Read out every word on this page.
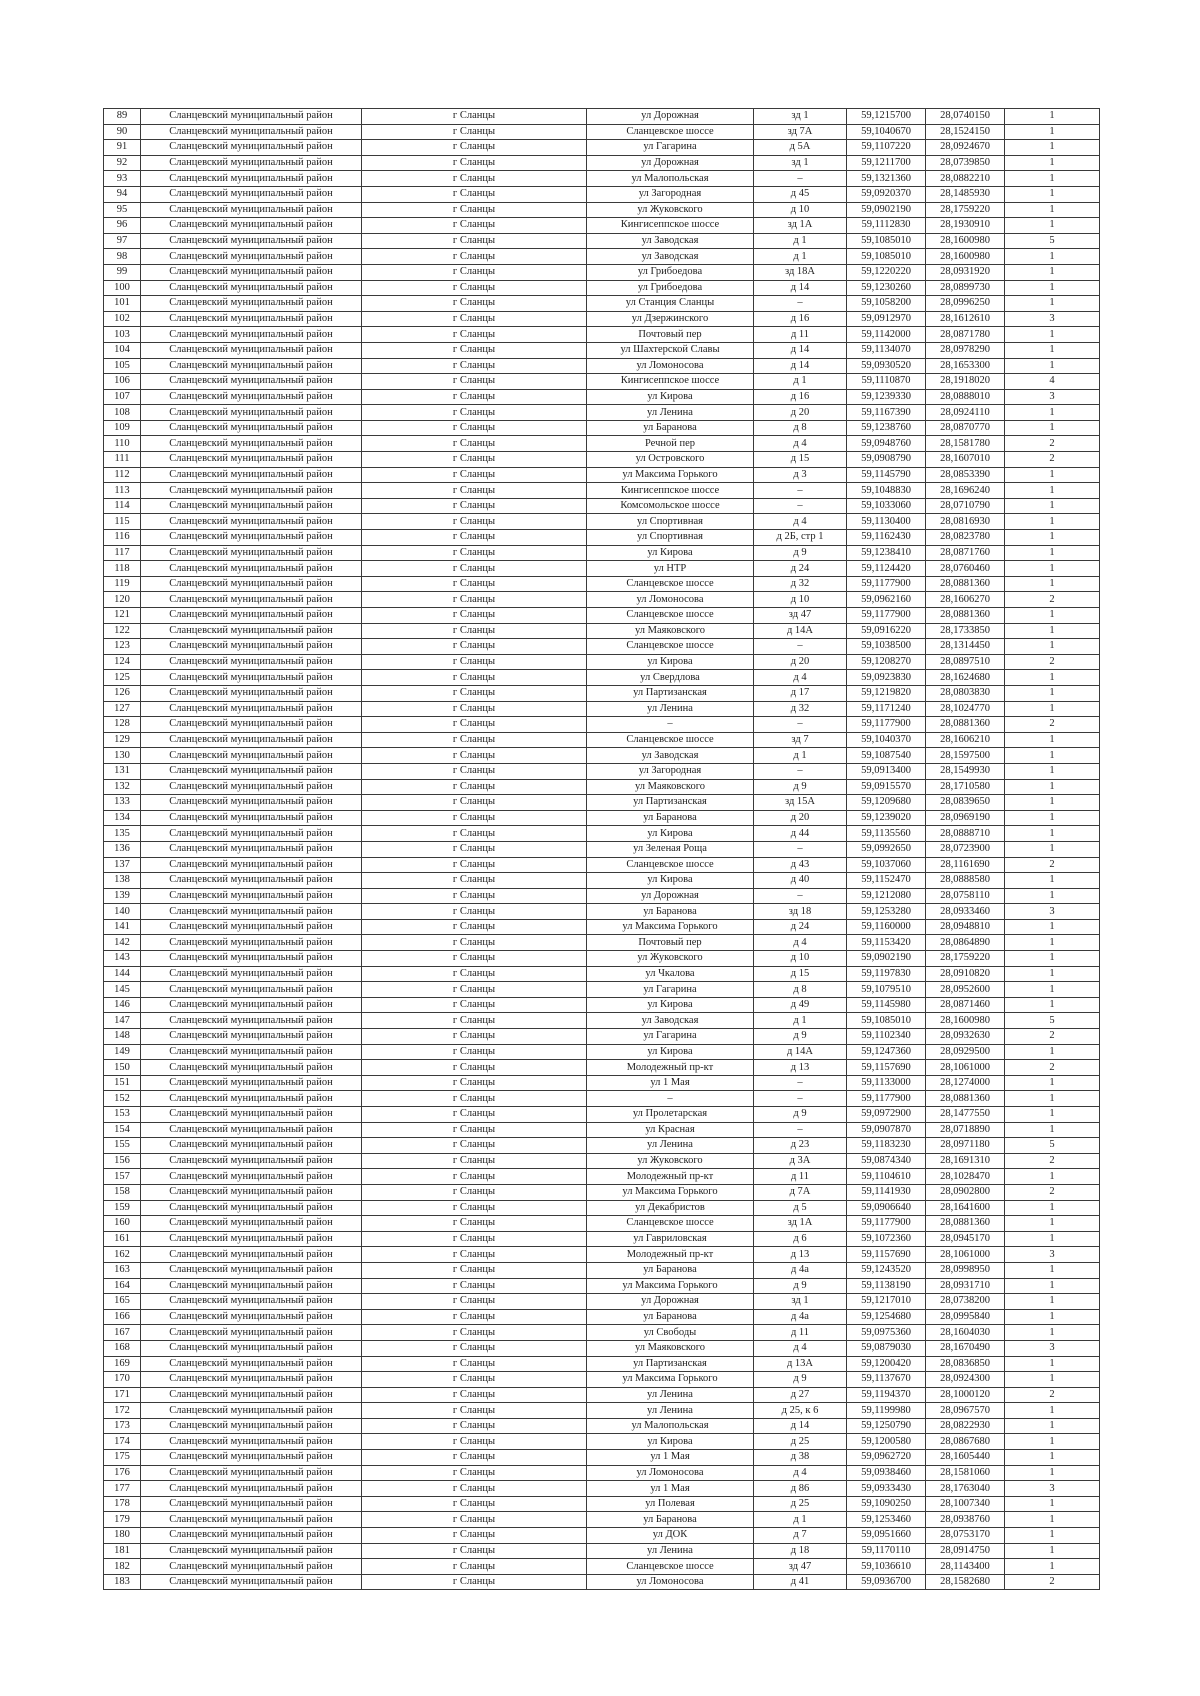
89	Сланцевский муниципальный район	г Сланцы	ул Дорожная	зд 1	59,1215700	28,0740150	1
90	Сланцевский муниципальный район	г Сланцы	Сланцевское шоссе	зд 7А	59,1040670	28,1524150	1
91	Сланцевский муниципальный район	г Сланцы	ул Гагарина	д 5А	59,1107220	28,0924670	1
92	Сланцевский муниципальный район	г Сланцы	ул Дорожная	зд 1	59,1211700	28,0739850	1
93	Сланцевский муниципальный район	г Сланцы	ул Малопольская	–	59,1321360	28,0882210	1
94	Сланцевский муниципальный район	г Сланцы	ул Загородная	д 45	59,0920370	28,1485930	1
95	Сланцевский муниципальный район	г Сланцы	ул Жуковского	д 10	59,0902190	28,1759220	1
96	Сланцевский муниципальный район	г Сланцы	Кингисеппское шоссе	зд 1А	59,1112830	28,1930910	1
97	Сланцевский муниципальный район	г Сланцы	ул Заводская	д 1	59,1085010	28,1600980	5
98	Сланцевский муниципальный район	г Сланцы	ул Заводская	д 1	59,1085010	28,1600980	1
99	Сланцевский муниципальный район	г Сланцы	ул Грибоедова	зд 18А	59,1220220	28,0931920	1
100	Сланцевский муниципальный район	г Сланцы	ул Грибоедова	д 14	59,1230260	28,0899730	1
101	Сланцевский муниципальный район	г Сланцы	ул Станция Сланцы	–	59,1058200	28,0996250	1
102	Сланцевский муниципальный район	г Сланцы	ул Дзержинского	д 16	59,0912970	28,1612610	3
103	Сланцевский муниципальный район	г Сланцы	Почтовый пер	д 11	59,1142000	28,0871780	1
104	Сланцевский муниципальный район	г Сланцы	ул Шахтерской Славы	д 14	59,1134070	28,0978290	1
105	Сланцевский муниципальный район	г Сланцы	ул Ломоносова	д 14	59,0930520	28,1653300	1
106	Сланцевский муниципальный район	г Сланцы	Кингисеппское шоссе	д 1	59,1110870	28,1918020	4
107	Сланцевский муниципальный район	г Сланцы	ул Кирова	д 16	59,1239330	28,0888010	3
108	Сланцевский муниципальный район	г Сланцы	ул Ленина	д 20	59,1167390	28,0924110	1
109	Сланцевский муниципальный район	г Сланцы	ул Баранова	д 8	59,1238760	28,0870770	1
110	Сланцевский муниципальный район	г Сланцы	Речной пер	д 4	59,0948760	28,1581780	2
111	Сланцевский муниципальный район	г Сланцы	ул Островского	д 15	59,0908790	28,1607010	2
112	Сланцевский муниципальный район	г Сланцы	ул Максима Горького	д 3	59,1145790	28,0853390	1
113	Сланцевский муниципальный район	г Сланцы	Кингисеппское шоссе	–	59,1048830	28,1696240	1
114	Сланцевский муниципальный район	г Сланцы	Комсомольское шоссе	–	59,1033060	28,0710790	1
115	Сланцевский муниципальный район	г Сланцы	ул Спортивная	д 4	59,1130400	28,0816930	1
116	Сланцевский муниципальный район	г Сланцы	ул Спортивная	д 2Б, стр 1	59,1162430	28,0823780	1
117	Сланцевский муниципальный район	г Сланцы	ул Кирова	д 9	59,1238410	28,0871760	1
118	Сланцевский муниципальный район	г Сланцы	ул НТР	д 24	59,1124420	28,0760460	1
119	Сланцевский муниципальный район	г Сланцы	Сланцевское шоссе	д 32	59,1177900	28,0881360	1
120	Сланцевский муниципальный район	г Сланцы	ул Ломоносова	д 10	59,0962160	28,1606270	2
121	Сланцевский муниципальный район	г Сланцы	Сланцевское шоссе	зд 47	59,1177900	28,0881360	1
122	Сланцевский муниципальный район	г Сланцы	ул Маяковского	д 14А	59,0916220	28,1733850	1
123	Сланцевский муниципальный район	г Сланцы	Сланцевское шоссе	–	59,1038500	28,1314450	1
124	Сланцевский муниципальный район	г Сланцы	ул Кирова	д 20	59,1208270	28,0897510	2
125	Сланцевский муниципальный район	г Сланцы	ул Свердлова	д 4	59,0923830	28,1624680	1
126	Сланцевский муниципальный район	г Сланцы	ул Партизанская	д 17	59,1219820	28,0803830	1
127	Сланцевский муниципальный район	г Сланцы	ул Ленина	д 32	59,1171240	28,1024770	1
128	Сланцевский муниципальный район	г Сланцы	–	–	59,1177900	28,0881360	2
129	Сланцевский муниципальный район	г Сланцы	Сланцевское шоссе	зд 7	59,1040370	28,1606210	1
130	Сланцевский муниципальный район	г Сланцы	ул Заводская	д 1	59,1087540	28,1597500	1
131	Сланцевский муниципальный район	г Сланцы	ул Загородная	–	59,0913400	28,1549930	1
132	Сланцевский муниципальный район	г Сланцы	ул Маяковского	д 9	59,0915570	28,1710580	1
133	Сланцевский муниципальный район	г Сланцы	ул Партизанская	зд 15А	59,1209680	28,0839650	1
134	Сланцевский муниципальный район	г Сланцы	ул Баранова	д 20	59,1239020	28,0969190	1
135	Сланцевский муниципальный район	г Сланцы	ул Кирова	д 44	59,1135560	28,0888710	1
136	Сланцевский муниципальный район	г Сланцы	ул Зеленая Роща	–	59,0992650	28,0723900	1
137	Сланцевский муниципальный район	г Сланцы	Сланцевское шоссе	д 43	59,1037060	28,1161690	2
138	Сланцевский муниципальный район	г Сланцы	ул Кирова	д 40	59,1152470	28,0888580	1
139	Сланцевский муниципальный район	г Сланцы	ул Дорожная	–	59,1212080	28,0758110	1
140	Сланцевский муниципальный район	г Сланцы	ул Баранова	зд 18	59,1253280	28,0933460	3
141	Сланцевский муниципальный район	г Сланцы	ул Максима Горького	д 24	59,1160000	28,0948810	1
142	Сланцевский муниципальный район	г Сланцы	Почтовый пер	д 4	59,1153420	28,0864890	1
143	Сланцевский муниципальный район	г Сланцы	ул Жуковского	д 10	59,0902190	28,1759220	1
144	Сланцевский муниципальный район	г Сланцы	ул Чкалова	д 15	59,1197830	28,0910820	1
145	Сланцевский муниципальный район	г Сланцы	ул Гагарина	д 8	59,1079510	28,0952600	1
146	Сланцевский муниципальный район	г Сланцы	ул Кирова	д 49	59,1145980	28,0871460	1
147	Сланцевский муниципальный район	г Сланцы	ул Заводская	д 1	59,1085010	28,1600980	5
148	Сланцевский муниципальный район	г Сланцы	ул Гагарина	д 9	59,1102340	28,0932630	2
149	Сланцевский муниципальный район	г Сланцы	ул Кирова	д 14А	59,1247360	28,0929500	1
150	Сланцевский муниципальный район	г Сланцы	Молодежный пр-кт	д 13	59,1157690	28,1061000	2
151	Сланцевский муниципальный район	г Сланцы	ул 1 Мая	–	59,1133000	28,1274000	1
152	Сланцевский муниципальный район	г Сланцы	–	–	59,1177900	28,0881360	1
153	Сланцевский муниципальный район	г Сланцы	ул Пролетарская	д 9	59,0972900	28,1477550	1
154	Сланцевский муниципальный район	г Сланцы	ул Красная	–	59,0907870	28,0718890	1
155	Сланцевский муниципальный район	г Сланцы	ул Ленина	д 23	59,1183230	28,0971180	5
156	Сланцевский муниципальный район	г Сланцы	ул Жуковского	д 3А	59,0874340	28,1691310	2
157	Сланцевский муниципальный район	г Сланцы	Молодежный пр-кт	д 11	59,1104610	28,1028470	1
158	Сланцевский муниципальный район	г Сланцы	ул Максима Горького	д 7А	59,1141930	28,0902800	2
159	Сланцевский муниципальный район	г Сланцы	ул Декабристов	д 5	59,0906640	28,1641600	1
160	Сланцевский муниципальный район	г Сланцы	Сланцевское шоссе	зд 1А	59,1177900	28,0881360	1
161	Сланцевский муниципальный район	г Сланцы	ул Гавриловская	д 6	59,1072360	28,0945170	1
162	Сланцевский муниципальный район	г Сланцы	Молодежный пр-кт	д 13	59,1157690	28,1061000	3
163	Сланцевский муниципальный район	г Сланцы	ул Баранова	д 4а	59,1243520	28,0998950	1
164	Сланцевский муниципальный район	г Сланцы	ул Максима Горького	д 9	59,1138190	28,0931710	1
165	Сланцевский муниципальный район	г Сланцы	ул Дорожная	зд 1	59,1217010	28,0738200	1
166	Сланцевский муниципальный район	г Сланцы	ул Баранова	д 4а	59,1254680	28,0995840	1
167	Сланцевский муниципальный район	г Сланцы	ул Свободы	д 11	59,0975360	28,1604030	1
168	Сланцевский муниципальный район	г Сланцы	ул Маяковского	д 4	59,0879030	28,1670490	3
169	Сланцевский муниципальный район	г Сланцы	ул Партизанская	д 13А	59,1200420	28,0836850	1
170	Сланцевский муниципальный район	г Сланцы	ул Максима Горького	д 9	59,1137670	28,0924300	1
171	Сланцевский муниципальный район	г Сланцы	ул Ленина	д 27	59,1194370	28,1000120	2
172	Сланцевский муниципальный район	г Сланцы	ул Ленина	д 25, к 6	59,1199980	28,0967570	1
173	Сланцевский муниципальный район	г Сланцы	ул Малопольская	д 14	59,1250790	28,0822930	1
174	Сланцевский муниципальный район	г Сланцы	ул Кирова	д 25	59,1200580	28,0867680	1
175	Сланцевский муниципальный район	г Сланцы	ул 1 Мая	д 38	59,0962720	28,1605440	1
176	Сланцевский муниципальный район	г Сланцы	ул Ломоносова	д 4	59,0938460	28,1581060	1
177	Сланцевский муниципальный район	г Сланцы	ул 1 Мая	д 86	59,0933430	28,1763040	3
178	Сланцевский муниципальный район	г Сланцы	ул Полевая	д 25	59,1090250	28,1007340	1
179	Сланцевский муниципальный район	г Сланцы	ул Баранова	д 1	59,1253460	28,0938760	1
180	Сланцевский муниципальный район	г Сланцы	ул ДОК	д 7	59,0951660	28,0753170	1
181	Сланцевский муниципальный район	г Сланцы	ул Ленина	д 18	59,1170110	28,0914750	1
182	Сланцевский муниципальный район	г Сланцы	Сланцевское шоссе	зд 47	59,1036610	28,1143400	1
183	Сланцевский муниципальный район	г Сланцы	ул Ломоносова	д 41	59,0936700	28,1582680	2
